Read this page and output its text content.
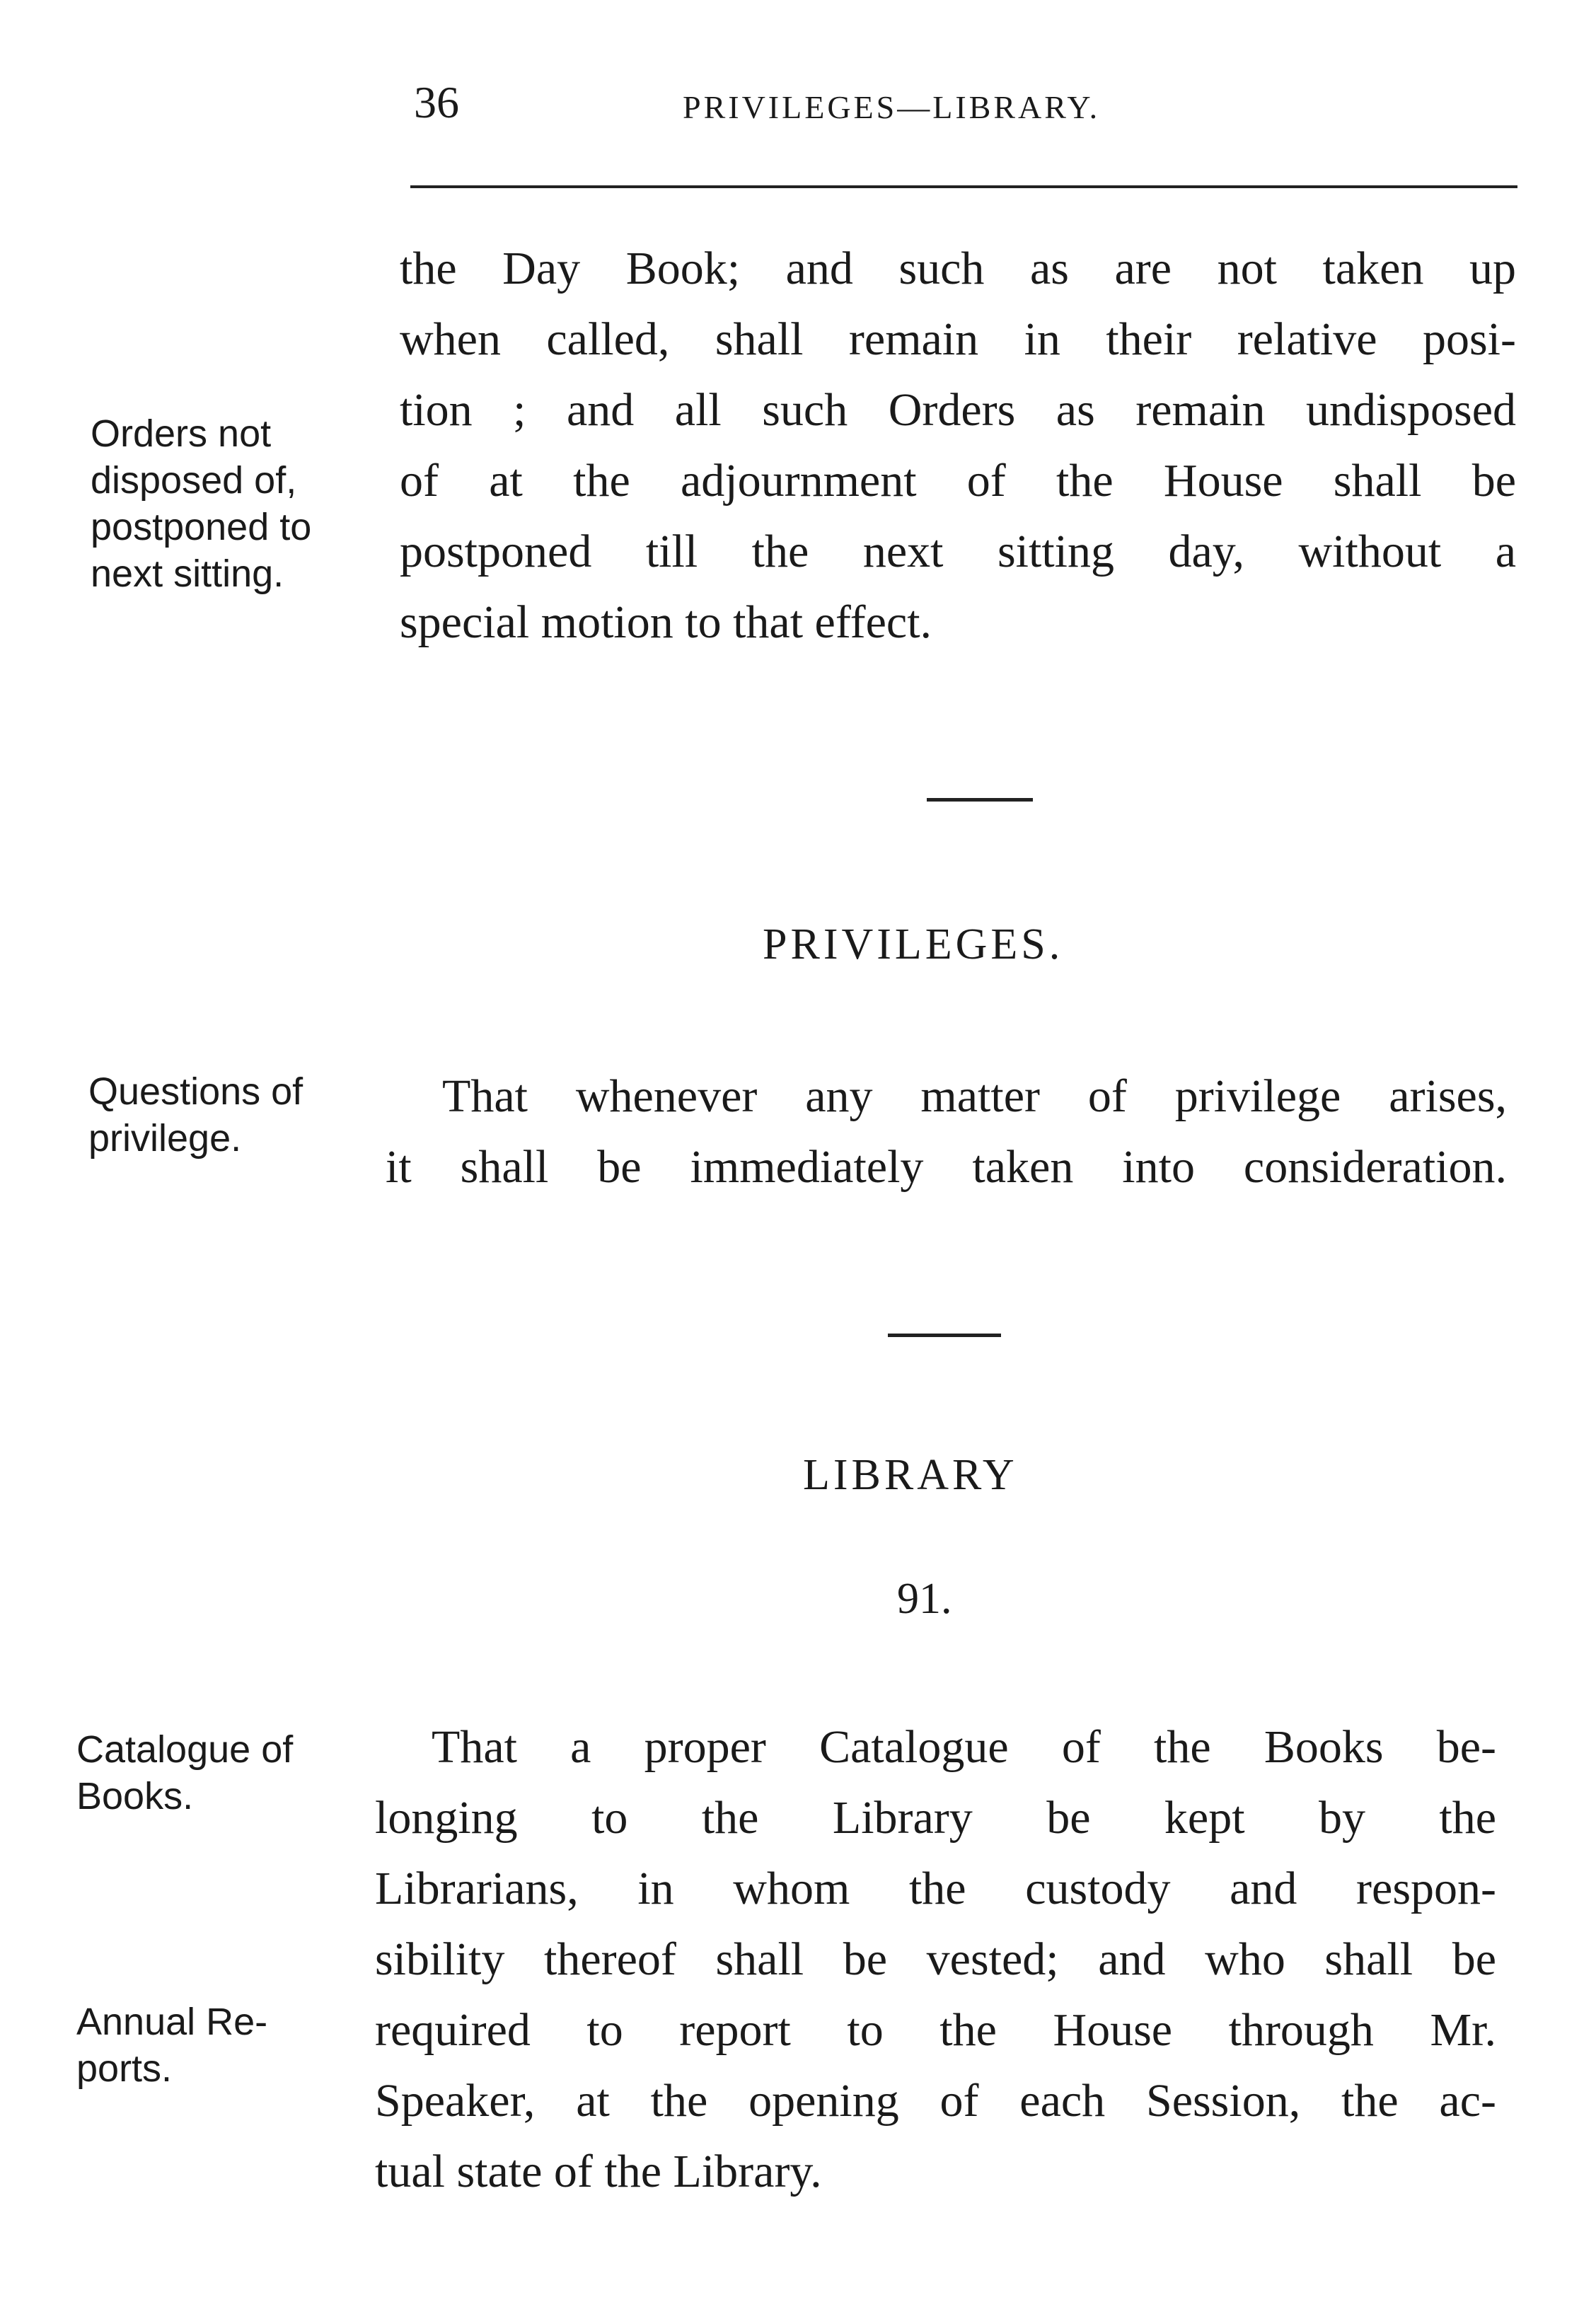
36	PRIVILEGES—LIBRARY.
the Day Book; and such as are not taken up
when called, shall remain in their relative posi-
tion ; and all such Orders as remain undisposed
of at the adjournment of the House shall be
postponed till the next sitting day, without a
special motion to that effect.
Orders not
disposed of,
postponed to
next sitting.
PRIVILEGES.
That whenever any matter of privilege arises,
it shall be immediately taken into consideration.
Questions of
privilege.
LIBRARY
91.
That a proper Catalogue of the Books be-
longing to the Library be kept by the
Librarians, in whom the custody and respon-
sibility thereof shall be vested; and who shall be
required to report to the House through Mr.
Speaker, at the opening of each Session, the ac-
tual state of the Library.
Catalogue of
Books.
Annual Re-
ports.
